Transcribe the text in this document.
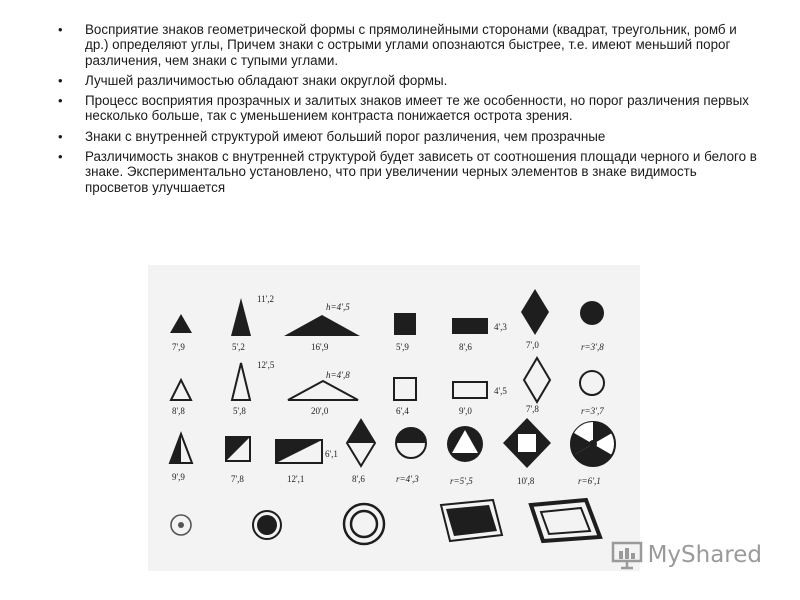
• Восприятие знаков геометрической формы с прямолинейными сторонами (квадрат, треугольник, ромб и др.) определяют углы, Причем знаки с острыми углами опознаются быстрее, т.е. имеют меньший порог различения, чем знаки с тупыми углами.
• Лучшей различимостью обладают знаки округлой формы.
• Процесс восприятия прозрачных и залитых знаков имеет те же особенности, но порог различения первых несколько больше, так с уменьшением контраста понижается острота зрения.
• Знаки с внутренней структурой имеют больший порог различения, чем прозрачные
• Различимость знаков с внутренней структурой будет зависеть от соотношения площади черного и белого в знаке. Экспериментально установлено, что при увеличении черных элементов в знаке видимость просветов улучшается
7',9
11',2
5',2
h=4',5
16',9	5',9
4',3
8',6	7',0	r=3',8
8',8
12',5
5',8
h=4',8
20',0	6',4
4',5
9',0	7',8	r=3',7
9',9	7',8
6',1
12',1	8',6	r=4',3	r=5',5	10',8	r=6',1
MyShared
